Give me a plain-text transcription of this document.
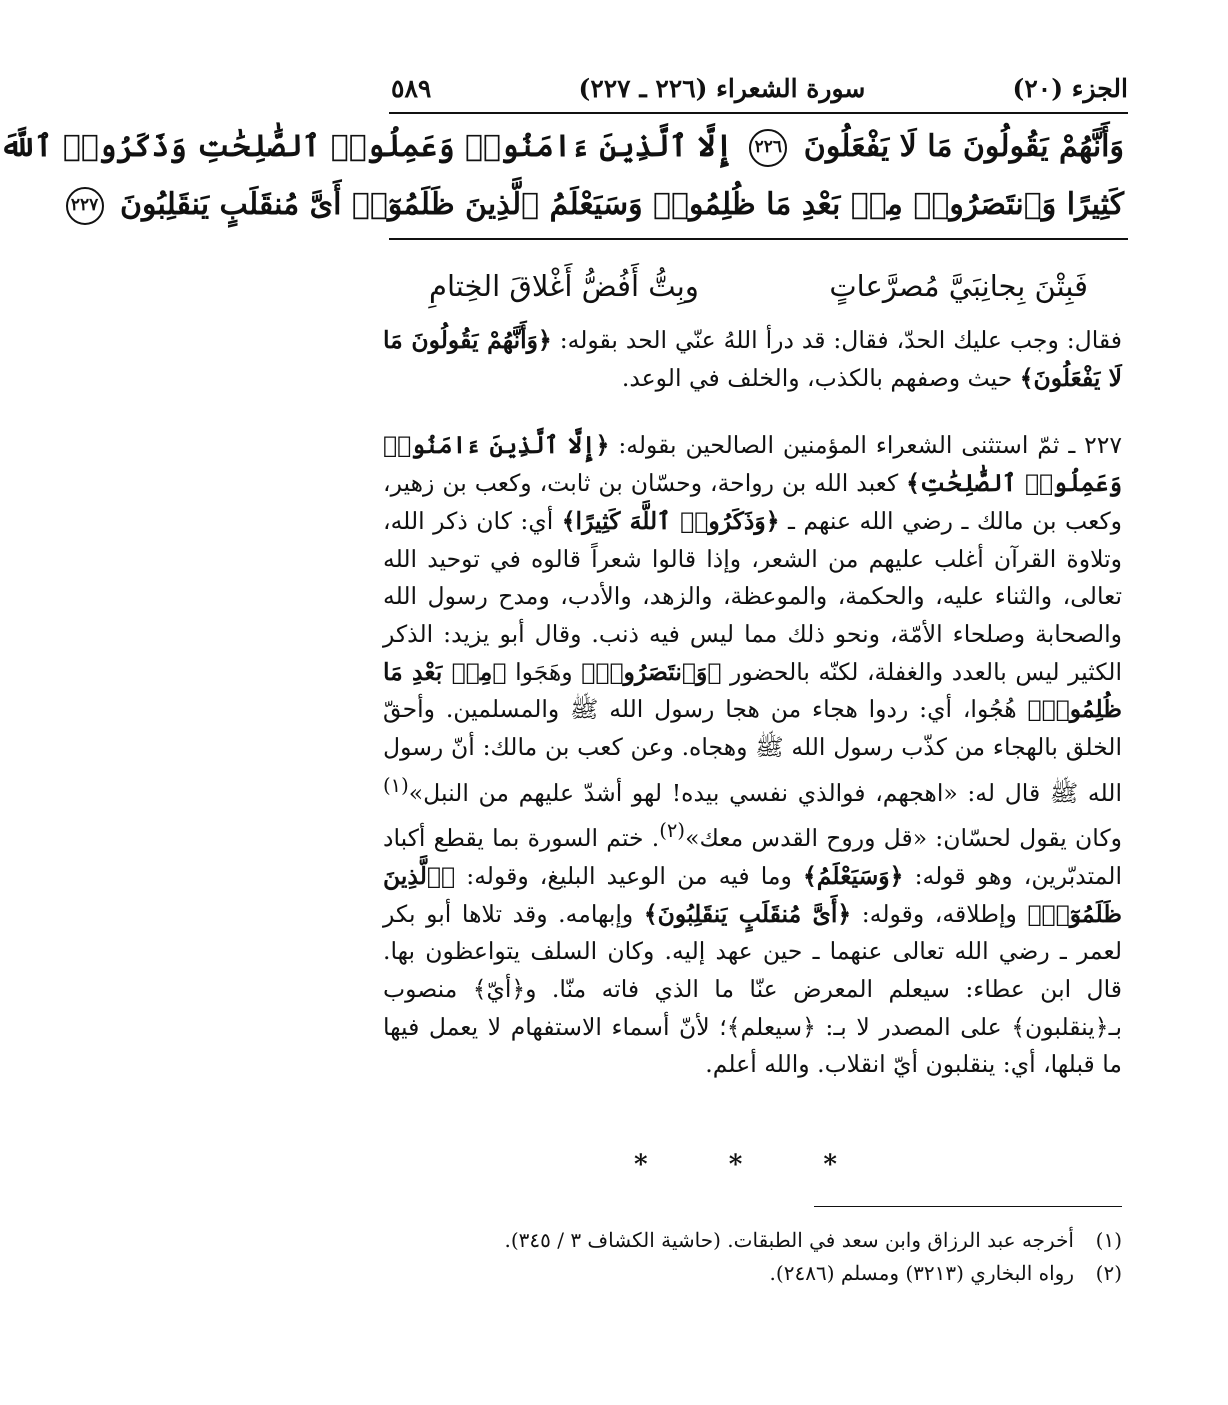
الجزء (٢٠)
سورة الشعراء (٢٢٦ ـ ٢٢٧)
٥٨٩
وَأَنَّهُمْ يَقُولُونَ مَا لَا يَفْعَلُونَ ٢٢٦ إِلَّا ٱلَّذِينَ ءَامَنُوا۟ وَعَمِلُوا۟ ٱلصَّٰلِحَٰتِ وَذَكَرُوا۟ ٱللَّهَ
كَثِيرًا وَٱنتَصَرُوا۟ مِنۢ بَعْدِ مَا ظُلِمُوا۟ وَسَيَعْلَمُ ٱلَّذِينَ ظَلَمُوٓا۟ أَىَّ مُنقَلَبٍ يَنقَلِبُونَ ٢٢٧
فَبِتْنَ بِجانِبَيَّ مُصرَّعاتٍ
وبِتُّ أَفُضُّ أَغْلاقَ الخِتامِ

فقال: وجب عليك الحدّ، فقال: قد درأ اللهُ عنّي الحد بقوله: ﴿وَأَنَّهُمْ يَقُولُونَ مَا لَا يَفْعَلُونَ﴾ حيث وصفهم بالكذب، والخلف في الوعد.

٢٢٧ ـ ثمّ استثنى الشعراء المؤمنين الصالحين بقوله: ﴿إِلَّا ٱلَّذِينَ ءَامَنُوا۟ وَعَمِلُوا۟ ٱلصَّٰلِحَٰتِ﴾ كعبد الله بن رواحة، وحسّان بن ثابت، وكعب بن زهير، وكعب بن مالك ـ رضي الله عنهم ـ ﴿وَذَكَرُوا۟ ٱللَّهَ كَثِيرًا﴾ أي: كان ذكر الله، وتلاوة القرآن أغلب عليهم من الشعر، وإذا قالوا شعراً قالوه في توحيد الله تعالى، والثناء عليه، والحكمة، والموعظة، والزهد، والأدب، ومدح رسول الله والصحابة وصلحاء الأمّة، ونحو ذلك مما ليس فيه ذنب. وقال أبو يزيد: الذكر الكثير ليس بالعدد والغفلة، لكنّه بالحضور ﴿وَٱنتَصَرُوا۟﴾ وهَجَوا ﴿مِنۢ بَعْدِ مَا ظُلِمُوا۟﴾ هُجُوا، أي: ردوا هجاء من هجا رسول الله ﷺ والمسلمين. وأحقّ الخلق بالهجاء من كذّب رسول الله ﷺ وهجاه. وعن كعب بن مالك: أنّ رسول الله ﷺ قال له: «اهجهم، فوالذي نفسي بيده! لهو أشدّ عليهم من النبل»$^{(١)}$ وكان يقول لحسّان: «قل وروح القدس معك»$^{(٢)}$. ختم السورة بما يقطع أكباد المتدبّرين، وهو قوله: ﴿وَسَيَعْلَمُ﴾ وما فيه من الوعيد البليغ، وقوله: ﴿ٱلَّذِينَ ظَلَمُوٓا۟﴾ وإطلاقه، وقوله: ﴿أَىَّ مُنقَلَبٍ يَنقَلِبُونَ﴾ وإبهامه. وقد تلاها أبو بكر لعمر ـ رضي الله تعالى عنهما ـ حين عهد إليه. وكان السلف يتواعظون بها. قال ابن عطاء: سيعلم المعرض عنّا ما الذي فاته منّا. و﴿أيّ﴾ منصوب بـ﴿ينقلبون﴾ على المصدر لا بـ: ﴿سيعلم﴾؛ لأنّ أسماء الاستفهام لا يعمل فيها ما قبلها، أي: ينقلبون أيّ انقلاب. والله أعلم.

* * *
(١)أخرجه عبد الرزاق وابن سعد في الطبقات. (حاشية الكشاف ٣ / ٣٤٥).
(٢)رواه البخاري (٣٢١٣) ومسلم (٢٤٨٦).
